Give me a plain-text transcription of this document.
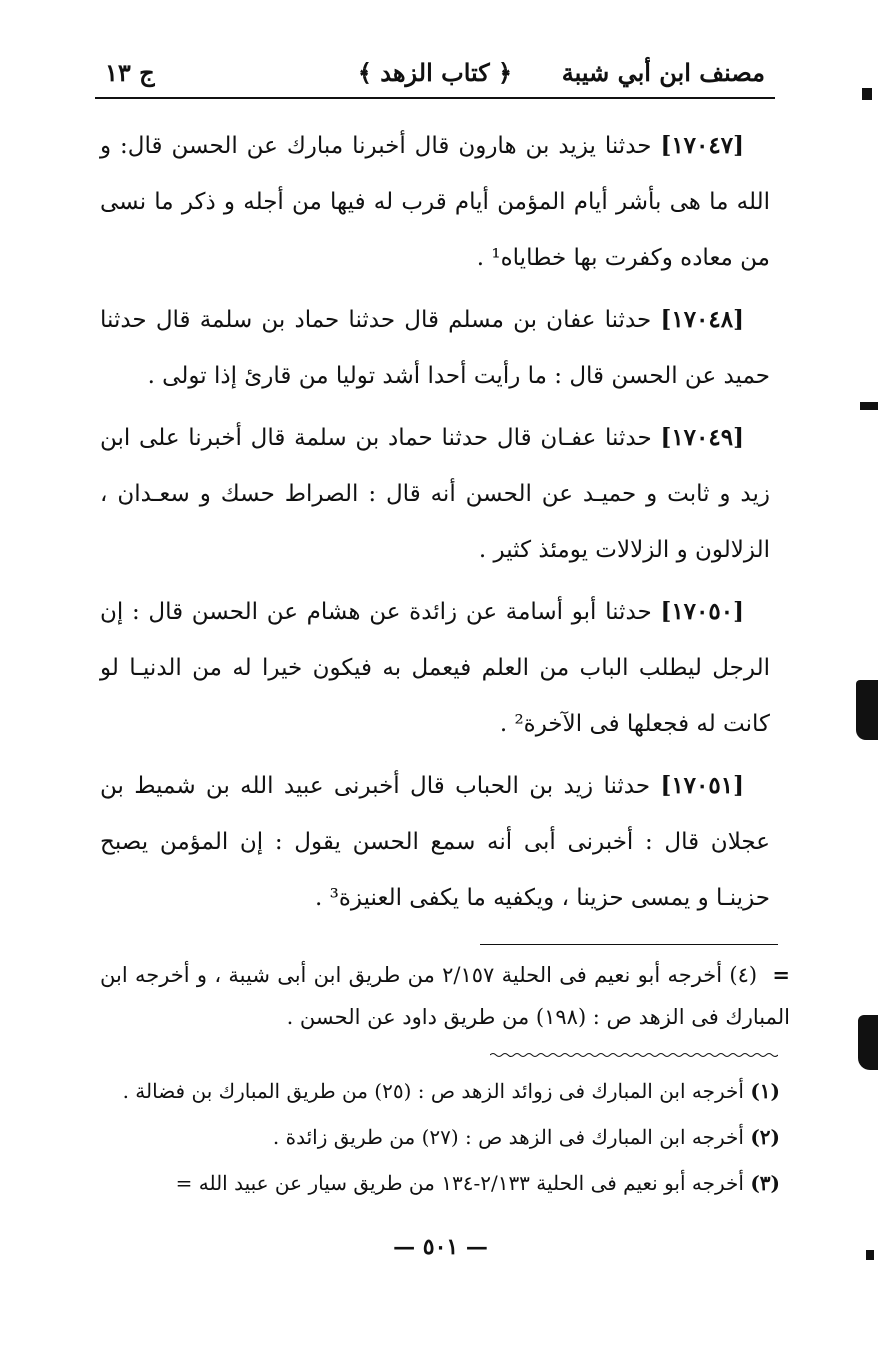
مصنف ابن أبي شيبة
﴿ كتاب الزهد ﴾
ج ١٣

[١٧٠٤٧] حدثنا يزيد بن هارون قال أخبرنا مبارك عن الحسن قال: و الله ما هى بأشر أيام المؤمن أيام قرب له فيها من أجله و ذكر ما نسى من معاده وكفرت بها خطاياه¹ .

[١٧٠٤٨] حدثنا عفان بن مسلم قال حدثنا حماد بن سلمة قال حدثنا حميد عن الحسن قال : ما رأيت أحدا أشد توليا من قارئ إذا تولى .

[١٧٠٤٩] حدثنا عفـان قال حدثنا حماد بن سلمة قال أخبرنا على ابن زيد و ثابت و حميـد عن الحسن أنه قال : الصراط حسك و سعـدان ، الزلالون و الزلالات يومئذ كثير .

[١٧٠٥٠] حدثنا أبو أسامة عن زائدة عن هشام عن الحسن قال : إن الرجل ليطلب الباب من العلم فيعمل به فيكون خيرا له من الدنيـا لو كانت له فجعلها فى الآخرة² .

[١٧٠٥١] حدثنا زيد بن الحباب قال أخبرنى عبيد الله بن شميط بن عجلان قال : أخبرنى أبى أنه سمع الحسن يقول : إن المؤمن يصبح حزينـا و يمسى حزينا ، ويكفيه ما يكفى العنيزة³ .

= (٤) أخرجه أبو نعيم فى الحلية ٢/١٥٧ من طريق ابن أبى شيبة ، و أخرجه ابن المبارك فى الزهد ص : (١٩٨) من طريق داود عن الحسن .

(١) أخرجه ابن المبارك فى زوائد الزهد ص : (٢٥) من طريق المبارك بن فضالة .

(٢) أخرجه ابن المبارك فى الزهد ص : (٢٧) من طريق زائدة .

(٣) أخرجه أبو نعيم فى الحلية ٢/١٣٣-١٣٤ من طريق سيار عن عبيد الله =

— ٥٠١ —
